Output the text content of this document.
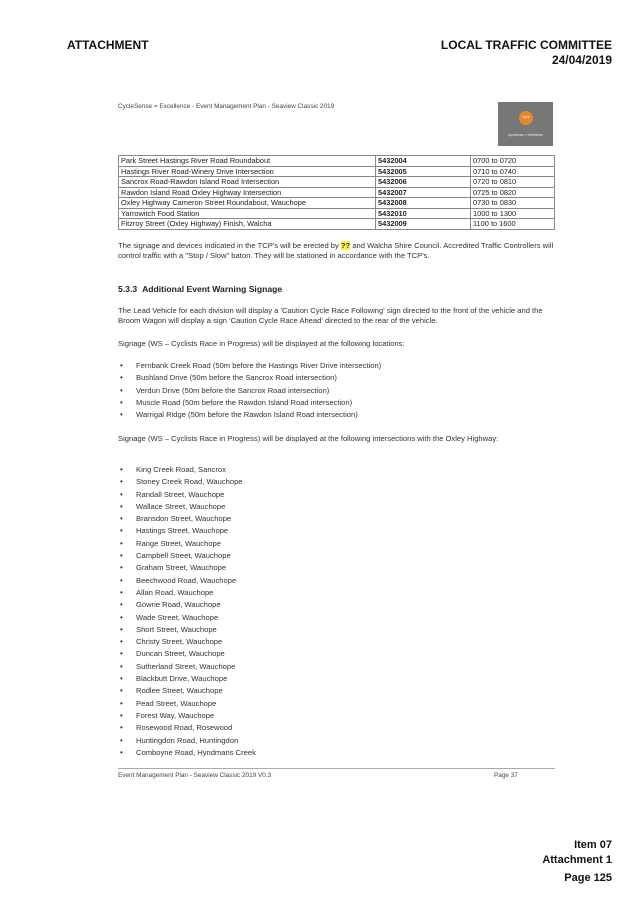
ATTACHMENT	LOCAL TRAFFIC COMMITTEE
24/04/2019
CycleSense = Excellence - Event Management Plan - Seaview Classic 2019
ccrs
cyclesense = excellence
Park Street Hastings River Road Roundabout	5432004	0700 to 0720
Hastings River Road-Winery Drive Intersection	5432005	0710 to 0740
Sancrox Road-Rawdon Island Road Intersection	5432006	0720 to 0810
Rawdon Island Road Oxley Highway Intersection	5432007	0725 to 0820
Oxley Highway Cameron Street Roundabout, Wauchope	5432008	0730 to 0830
Yarrowitch Food Station	5432010	1000 to 1300
Fitzroy Street (Oxley Highway) Finish, Walcha	5432009	1100 to 1600
The signage and devices indicated in the TCP's will be erected by ?? and Walcha Shire Council. Accredited Traffic Controllers will control traffic with a "Stop / Slow" baton. They will be stationed in accordance with the TCP's.
5.3.3 Additional Event Warning Signage
The Lead Vehicle for each division will display a 'Caution Cycle Race Following' sign directed to the front of the vehicle and the Broom Wagon will display a sign 'Caution Cycle Race Ahead' directed to the rear of the vehicle.
Signage (WS – Cyclists Race in Progress) will be displayed at the following locations:
• Fernbank Creek Road (50m before the Hastings River Drive intersection)
• Bushland Drive (50m before the Sancrox Road intersection)
• Verdun Drive (50m before the Sancrox Road intersection)
• Muscle Road (50m before the Rawdon Island Road intersection)
• Warrigal Ridge (50m before the Rawdon Island Road intersection)
Signage (WS – Cyclists Race in Progress) will be displayed at the following intersections with the Oxley Highway:
• King Creek Road, Sancrox
• Stoney Creek Road, Wauchope
• Randall Street, Wauchope
• Wallace Street, Wauchope
• Bransdon Street, Wauchope
• Hastings Street, Wauchope
• Range Street, Wauchope
• Campbell Street, Wauchope
• Graham Street, Wauchope
• Beechwood Road, Wauchope
• Allan Road, Wauchope
• Gowrie Road, Wauchope
• Wade Street, Wauchope
• Short Street, Wauchope
• Christy Street, Wauchope
• Duncan Street, Wauchope
• Sutherland Street, Wauchope
• Blackbutt Drive, Wauchope
• Rodlee Street, Wauchope
• Pead Street, Wauchope
• Forest Way, Wauchope
• Rosewood Road, Rosewood
• Huntingdon Road, Huntingdon
• Comboyne Road, Hyndmans Creek
Event Management Plan - Seaview Classic 2019 V0.3	Page 37
Item 07
Attachment 1
Page 125
